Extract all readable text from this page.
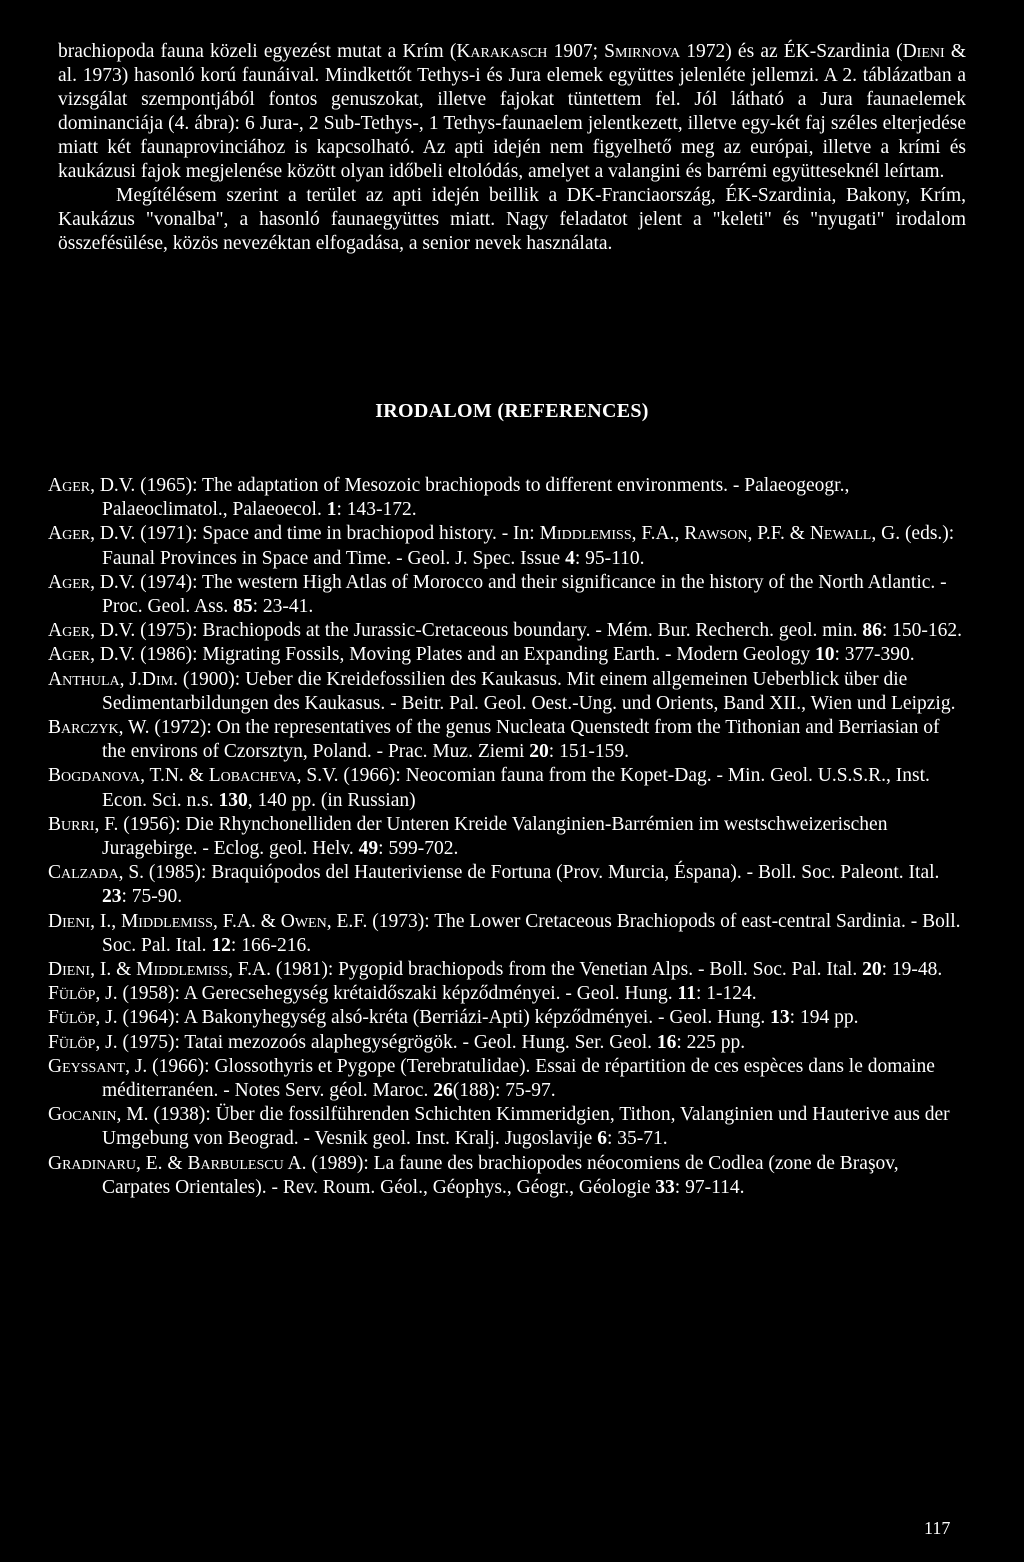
brachiopoda fauna közeli egyezést mutat a Krím (Karakasch 1907; Smirnova 1972) és az ÉK-Szardinia (Dieni & al. 1973) hasonló korú faunáival. Mindkettőt Tethys-i és Jura elemek együttes jelenléte jellemzi. A 2. táblázatban a vizsgálat szempontjából fontos genuszokat, illetve fajokat tüntettem fel. Jól látható a Jura faunaelemek dominanciája (4. ábra): 6 Jura-, 2 Sub-Tethys-, 1 Tethys-faunaelem jelentkezett, illetve egy-két faj széles elterjedése miatt két faunaprovinciához is kapcsolható. Az apti idején nem figyelhető meg az európai, illetve a krími és kaukázusi fajok megjelenése között olyan időbeli eltolódás, amelyet a valangini és barrémi együtteseknél leírtam.

Megítélésem szerint a terület az apti idején beillik a DK-Franciaország, ÉK-Szardinia, Bakony, Krím, Kaukázus "vonalba", a hasonló faunaegyüttes miatt. Nagy feladatot jelent a "keleti" és "nyugati" irodalom összefésülése, közös nevezéktan elfogadása, a senior nevek használata.

IRODALOM (REFERENCES)

Ager, D.V. (1965): The adaptation of Mesozoic brachiopods to different environments. - Palaeogeogr., Palaeoclimatol., Palaeoecol. 1: 143-172.

Ager, D.V. (1971): Space and time in brachiopod history. - In: Middlemiss, F.A., Rawson, P.F. & Newall, G. (eds.): Faunal Provinces in Space and Time. - Geol. J. Spec. Issue 4: 95-110.

Ager, D.V. (1974): The western High Atlas of Morocco and their significance in the history of the North Atlantic. - Proc. Geol. Ass. 85: 23-41.

Ager, D.V. (1975): Brachiopods at the Jurassic-Cretaceous boundary. - Mém. Bur. Recherch. geol. min. 86: 150-162.

Ager, D.V. (1986): Migrating Fossils, Moving Plates and an Expanding Earth. - Modern Geology 10: 377-390.

Anthula, J.Dim. (1900): Ueber die Kreidefossilien des Kaukasus. Mit einem allgemeinen Ueberblick über die Sedimentarbildungen des Kaukasus. - Beitr. Pal. Geol. Oest.-Ung. und Orients, Band XII., Wien und Leipzig.

Barczyk, W. (1972): On the representatives of the genus Nucleata Quenstedt from the Tithonian and Berriasian of the environs of Czorsztyn, Poland. - Prac. Muz. Ziemi 20: 151-159.

Bogdanova, T.N. & Lobacheva, S.V. (1966): Neocomian fauna from the Kopet-Dag. - Min. Geol. U.S.S.R., Inst. Econ. Sci. n.s. 130, 140 pp. (in Russian)

Burri, F. (1956): Die Rhynchonelliden der Unteren Kreide Valanginien-Barrémien im westschweizerischen Juragebirge. - Eclog. geol. Helv. 49: 599-702.

Calzada, S. (1985): Braquiópodos del Hauteriviense de Fortuna (Prov. Murcia, Éspana). - Boll. Soc. Paleont. Ital. 23: 75-90.

Dieni, I., Middlemiss, F.A. & Owen, E.F. (1973): The Lower Cretaceous Brachiopods of east-central Sardinia. - Boll. Soc. Pal. Ital. 12: 166-216.

Dieni, I. & Middlemiss, F.A. (1981): Pygopid brachiopods from the Venetian Alps. - Boll. Soc. Pal. Ital. 20: 19-48.

Fülöp, J. (1958): A Gerecsehegység krétaidőszaki képződményei. - Geol. Hung. 11: 1-124.

Fülöp, J. (1964): A Bakonyhegység alsó-kréta (Berriázi-Apti) képződményei. - Geol. Hung. 13: 194 pp.

Fülöp, J. (1975): Tatai mezozoós alaphegységrögök. - Geol. Hung. Ser. Geol. 16: 225 pp.

Geyssant, J. (1966): Glossothyris et Pygope (Terebratulidae). Essai de répartition de ces espèces dans le domaine méditerranéen. - Notes Serv. géol. Maroc. 26(188): 75-97.

Gocanin, M. (1938): Über die fossilführenden Schichten Kimmeridgien, Tithon, Valanginien und Hauterive aus der Umgebung von Beograd. - Vesnik geol. Inst. Kralj. Jugoslavije 6: 35-71.

Gradinaru, E. & Barbulescu A. (1989): La faune des brachiopodes néocomiens de Codlea (zone de Braşov, Carpates Orientales). - Rev. Roum. Géol., Géophys., Géogr., Géologie 33: 97-114.

117
